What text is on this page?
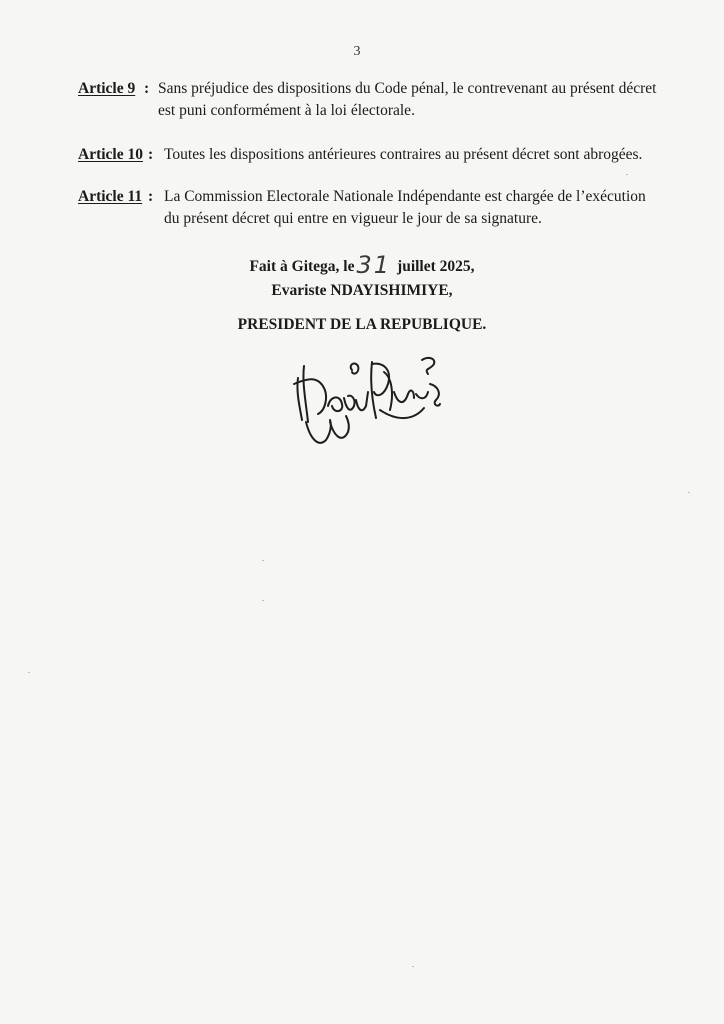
3
Article 9 : Sans préjudice des dispositions du Code pénal, le contrevenant au présent décret est puni conformément à la loi électorale.
Article 10 : Toutes les dispositions antérieures contraires au présent décret sont abrogées.
Article 11 : La Commission Electorale Nationale Indépendante est chargée de l’exécution du présent décret qui entre en vigueur le jour de sa signature.
Fait à Gitega, le31 juillet 2025,
Evariste NDAYISHIMIYE,
PRESIDENT DE LA REPUBLIQUE.
